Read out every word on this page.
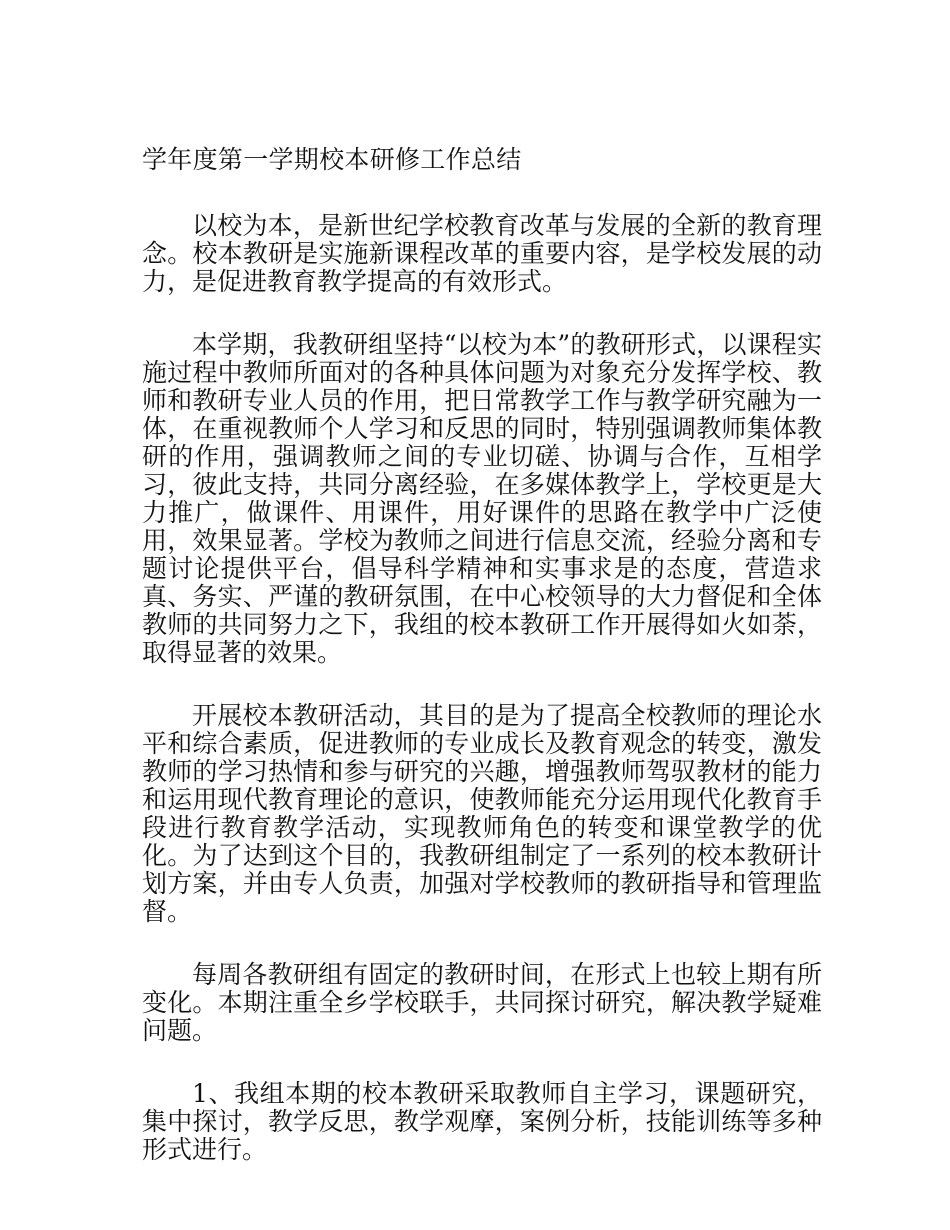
学年度第一学期校本研修工作总结

以校为本，是新世纪学校教育改革与发展的全新的教育理念。校本教研是实施新课程改革的重要内容，是学校发展的动力，是促进教育教学提高的有效形式。

本学期，我教研组坚持“以校为本”的教研形式，以课程实施过程中教师所面对的各种具体问题为对象充分发挥学校、教师和教研专业人员的作用，把日常教学工作与教学研究融为一体，在重视教师个人学习和反思的同时，特别强调教师集体教研的作用，强调教师之间的专业切磋、协调与合作，互相学习，彼此支持，共同分离经验，在多媒体教学上，学校更是大力推广，做课件、用课件，用好课件的思路在教学中广泛使用，效果显著。学校为教师之间进行信息交流，经验分离和专题讨论提供平台，倡导科学精神和实事求是的态度，营造求真、务实、严谨的教研氛围，在中心校领导的大力督促和全体教师的共同努力之下，我组的校本教研工作开展得如火如荼，取得显著的效果。

开展校本教研活动，其目的是为了提高全校教师的理论水平和综合素质，促进教师的专业成长及教育观念的转变，激发教师的学习热情和参与研究的兴趣，增强教师驾驭教材的能力和运用现代教育理论的意识，使教师能充分运用现代化教育手段进行教育教学活动，实现教师角色的转变和课堂教学的优化。为了达到这个目的，我教研组制定了一系列的校本教研计划方案，并由专人负责，加强对学校教师的教研指导和管理监督。

每周各教研组有固定的教研时间，在形式上也较上期有所变化。本期注重全乡学校联手，共同探讨研究，解决教学疑难问题。

1、我组本期的校本教研采取教师自主学习，课题研究，集中探讨，教学反思，教学观摩，案例分析，技能训练等多种形式进行。
